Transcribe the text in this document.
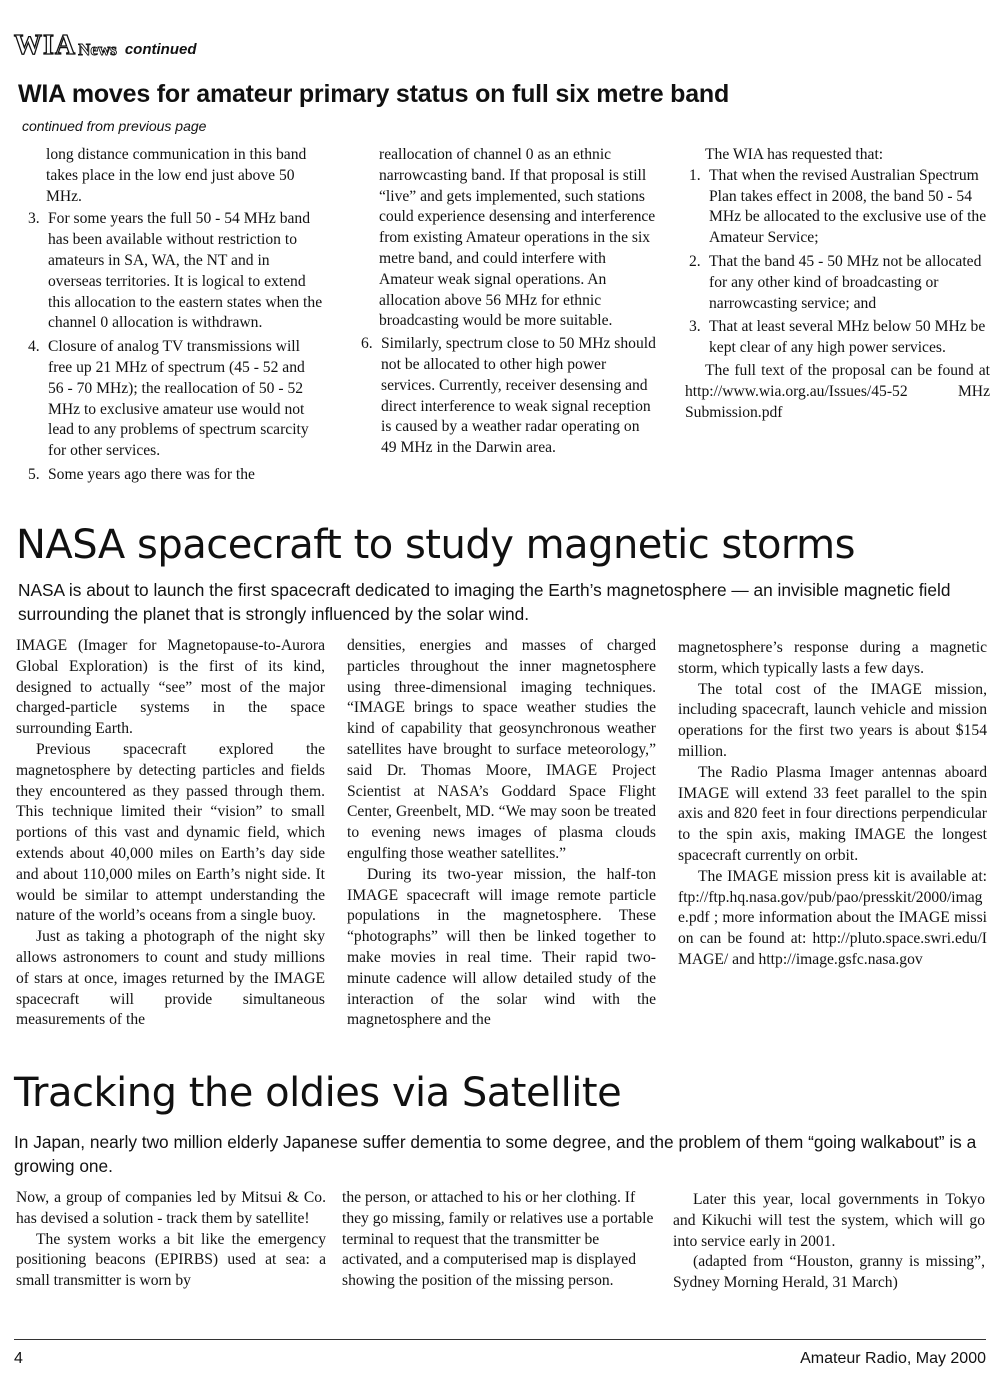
WIA News continued
WIA moves for amateur primary status on full six metre band
continued from previous page

long distance communication in this band takes place in the low end just above 50 MHz.

3. For some years the full 50 - 54 MHz band has been available without restriction to amateurs in SA, WA, the NT and in overseas territories. It is logical to extend this allocation to the eastern states when the channel 0 allocation is withdrawn.
4. Closure of analog TV transmissions will free up 21 MHz of spectrum (45 - 52 and 56 - 70 MHz); the reallocation of 50 - 52 MHz to exclusive amateur use would not lead to any problems of spectrum scarcity for other services.
5. Some years ago there was for the

reallocation of channel 0 as an ethnic narrowcasting band. If that proposal is still “live” and gets implemented, such stations could experience desensing and interference from existing Amateur operations in the six metre band, and could interfere with Amateur weak signal operations. An allocation above 56 MHz for ethnic broadcasting would be more suitable.

6. Similarly, spectrum close to 50 MHz should not be allocated to other high power services. Currently, receiver desensing and direct interference to weak signal reception is caused by a weather radar operating on 49 MHz in the Darwin area.

The WIA has requested that:

1. That when the revised Australian Spectrum Plan takes effect in 2008, the band 50 - 54 MHz be allocated to the exclusive use of the Amateur Service;
2. That the band 45 - 50 MHz not be allocated for any other kind of broadcasting or narrowcasting service; and
3. That at least several MHz below 50 MHz be kept clear of any high power services.

The full text of the proposal can be found at http://www.wia.org.au/Issues/45-52 MHz Submission.pdf

NASA spacecraft to study magnetic storms
NASA is about to launch the first spacecraft dedicated to imaging the Earth’s magnetosphere — an invisible magnetic field surrounding the planet that is strongly influenced by the solar wind.

IMAGE (Imager for Magnetopause-to-Aurora Global Exploration) is the first of its kind, designed to actually “see” most of the major charged-particle systems in the space surrounding Earth.

Previous spacecraft explored the magnetosphere by detecting particles and fields they encountered as they passed through them. This technique limited their “vision” to small portions of this vast and dynamic field, which extends about 40,000 miles on Earth’s day side and about 110,000 miles on Earth’s night side. It would be similar to attempt understanding the nature of the world’s oceans from a single buoy.

Just as taking a photograph of the night sky allows astronomers to count and study millions of stars at once, images returned by the IMAGE spacecraft will provide simultaneous measurements of the

densities, energies and masses of charged particles throughout the inner magnetosphere using three-dimensional imaging techniques. “IMAGE brings to space weather studies the kind of capability that geosynchronous weather satellites have brought to surface meteorology,” said Dr. Thomas Moore, IMAGE Project Scientist at NASA’s Goddard Space Flight Center, Greenbelt, MD. “We may soon be treated to evening news images of plasma clouds engulfing those weather satellites.”

During its two-year mission, the half-ton IMAGE spacecraft will image remote particle populations in the magnetosphere. These “photographs” will then be linked together to make movies in real time. Their rapid two-minute cadence will allow detailed study of the interaction of the solar wind with the magnetosphere and the

magnetosphere’s response during a magnetic storm, which typically lasts a few days.

The total cost of the IMAGE mission, including spacecraft, launch vehicle and mission operations for the first two years is about $154 million.

The Radio Plasma Imager antennas aboard IMAGE will extend 33 feet parallel to the spin axis and 820 feet in four directions perpendicular to the spin axis, making IMAGE the longest spacecraft currently on orbit.

The IMAGE mission press kit is available at: ftp://ftp.hq.nasa.gov/pub/pao/presskit/2000/image.pdf ; more information about the IMAGE mission can be found at: http://pluto.space.swri.edu/IMAGE/ and http://image.gsfc.nasa.gov

Tracking the oldies via Satellite
In Japan, nearly two million elderly Japanese suffer dementia to some degree, and the problem of them “going walkabout” is a growing one.

Now, a group of companies led by Mitsui & Co. has devised a solution - track them by satellite!

The system works a bit like the emergency positioning beacons (EPIRBS) used at sea: a small transmitter is worn by

the person, or attached to his or her clothing. If they go missing, family or relatives use a portable terminal to request that the transmitter be activated, and a computerised map is displayed showing the position of the missing person.

Later this year, local governments in Tokyo and Kikuchi will test the system, which will go into service early in 2001.

(adapted from “Houston, granny is missing”, Sydney Morning Herald, 31 March)

4	Amateur Radio, May 2000
